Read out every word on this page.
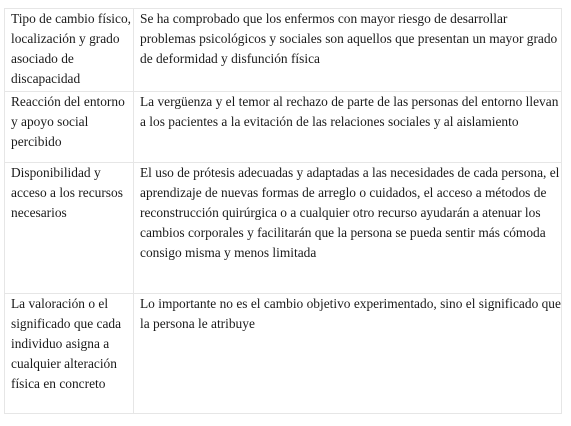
Tipo de cambio físico, localización y grado asociado de discapacidad	Se ha comprobado que los enfermos con mayor riesgo de desarrollar problemas psicológicos y sociales son aquellos que presentan un mayor grado de deformidad y disfunción física

Reacción del entorno y apoyo social percibido	La vergüenza y el temor al rechazo de parte de las personas del entorno llevan a los pacientes a la evitación de las relaciones sociales y al aislamiento

Disponibilidad y acceso a los recursos necesarios	El uso de prótesis adecuadas y adaptadas a las necesidades de cada persona, el aprendizaje de nuevas formas de arreglo o cuidados, el acceso a métodos de reconstrucción quirúrgica o a cualquier otro recurso ayudarán a atenuar los cambios corporales y facilitarán que la persona se pueda sentir más cómoda consigo misma y menos limitada

La valoración o el significado que cada individuo asigna a cualquier alteración física en concreto	Lo importante no es el cambio objetivo experimentado, sino el significado que la persona le atribuye
